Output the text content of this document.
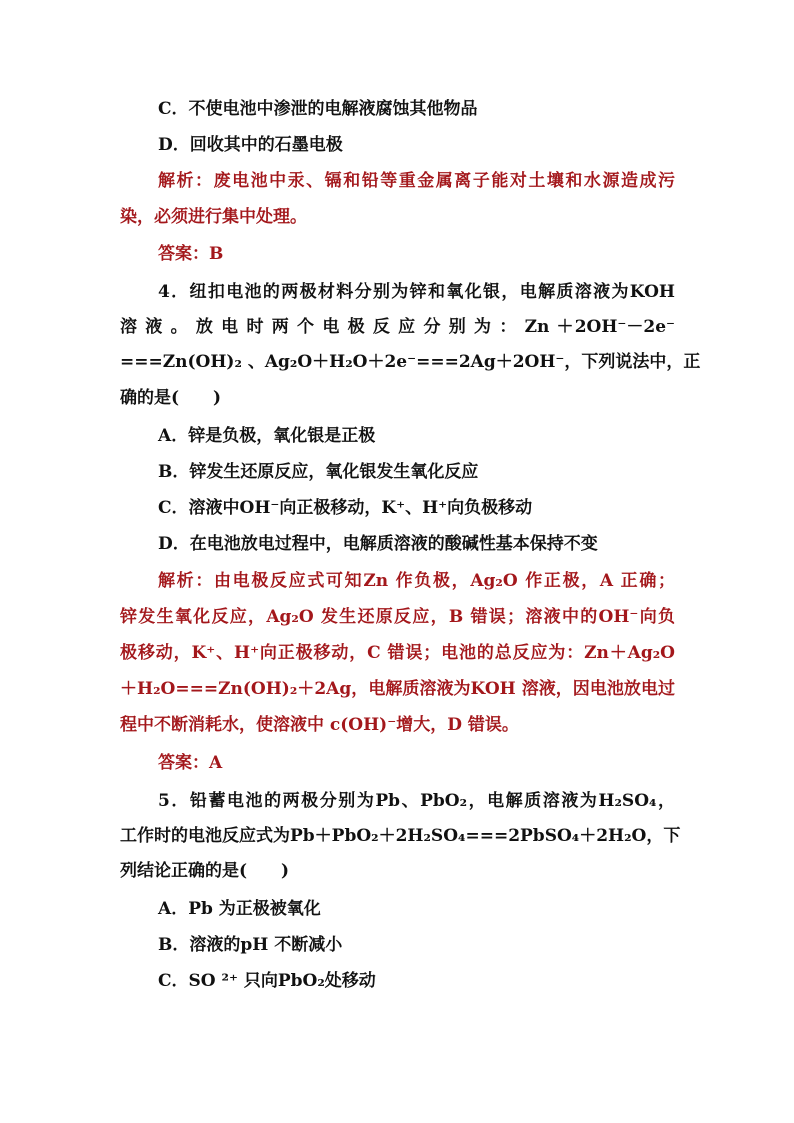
C．不使电池中渗泄的电解液腐蚀其他物品
D．回收其中的石墨电极
解析：废电池中汞、镉和铅等重金属离子能对土壤和水源造成污
染，必须进行集中处理。
答案：B
4．纽扣电池的两极材料分别为锌和氧化银，电解质溶液为KOH
溶 液 。 放 电 时 两 个 电 极 反 应 分 别 为 ： Zn ＋2OH⁻－2e⁻
===Zn(OH)₂ 、Ag₂O＋H₂O＋2e⁻===2Ag＋2OH⁻，下列说法中，正
确的是(　　)
A．锌是负极，氧化银是正极
B．锌发生还原反应，氧化银发生氧化反应
C．溶液中OH⁻向正极移动，K⁺、H⁺向负极移动
D．在电池放电过程中，电解质溶液的酸碱性基本保持不变
解析：由电极反应式可知Zn 作负极，Ag₂O 作正极，A 正确；
锌发生氧化反应，Ag₂O 发生还原反应，B 错误；溶液中的OH⁻向负
极移动，K⁺、H⁺向正极移动，C 错误；电池的总反应为：Zn＋Ag₂O
＋H₂O===Zn(OH)₂＋2Ag，电解质溶液为KOH 溶液，因电池放电过
程中不断消耗水，使溶液中 c(OH)⁻增大，D 错误。
答案：A
5．铅蓄电池的两极分别为Pb、PbO₂，电解质溶液为H₂SO₄，
工作时的电池反应式为Pb＋PbO₂＋2H₂SO₄===2PbSO₄＋2H₂O，下
列结论正确的是(　　)
A．Pb 为正极被氧化
B．溶液的pH 不断减小
C．SO ²⁺ 只向PbO₂处移动
